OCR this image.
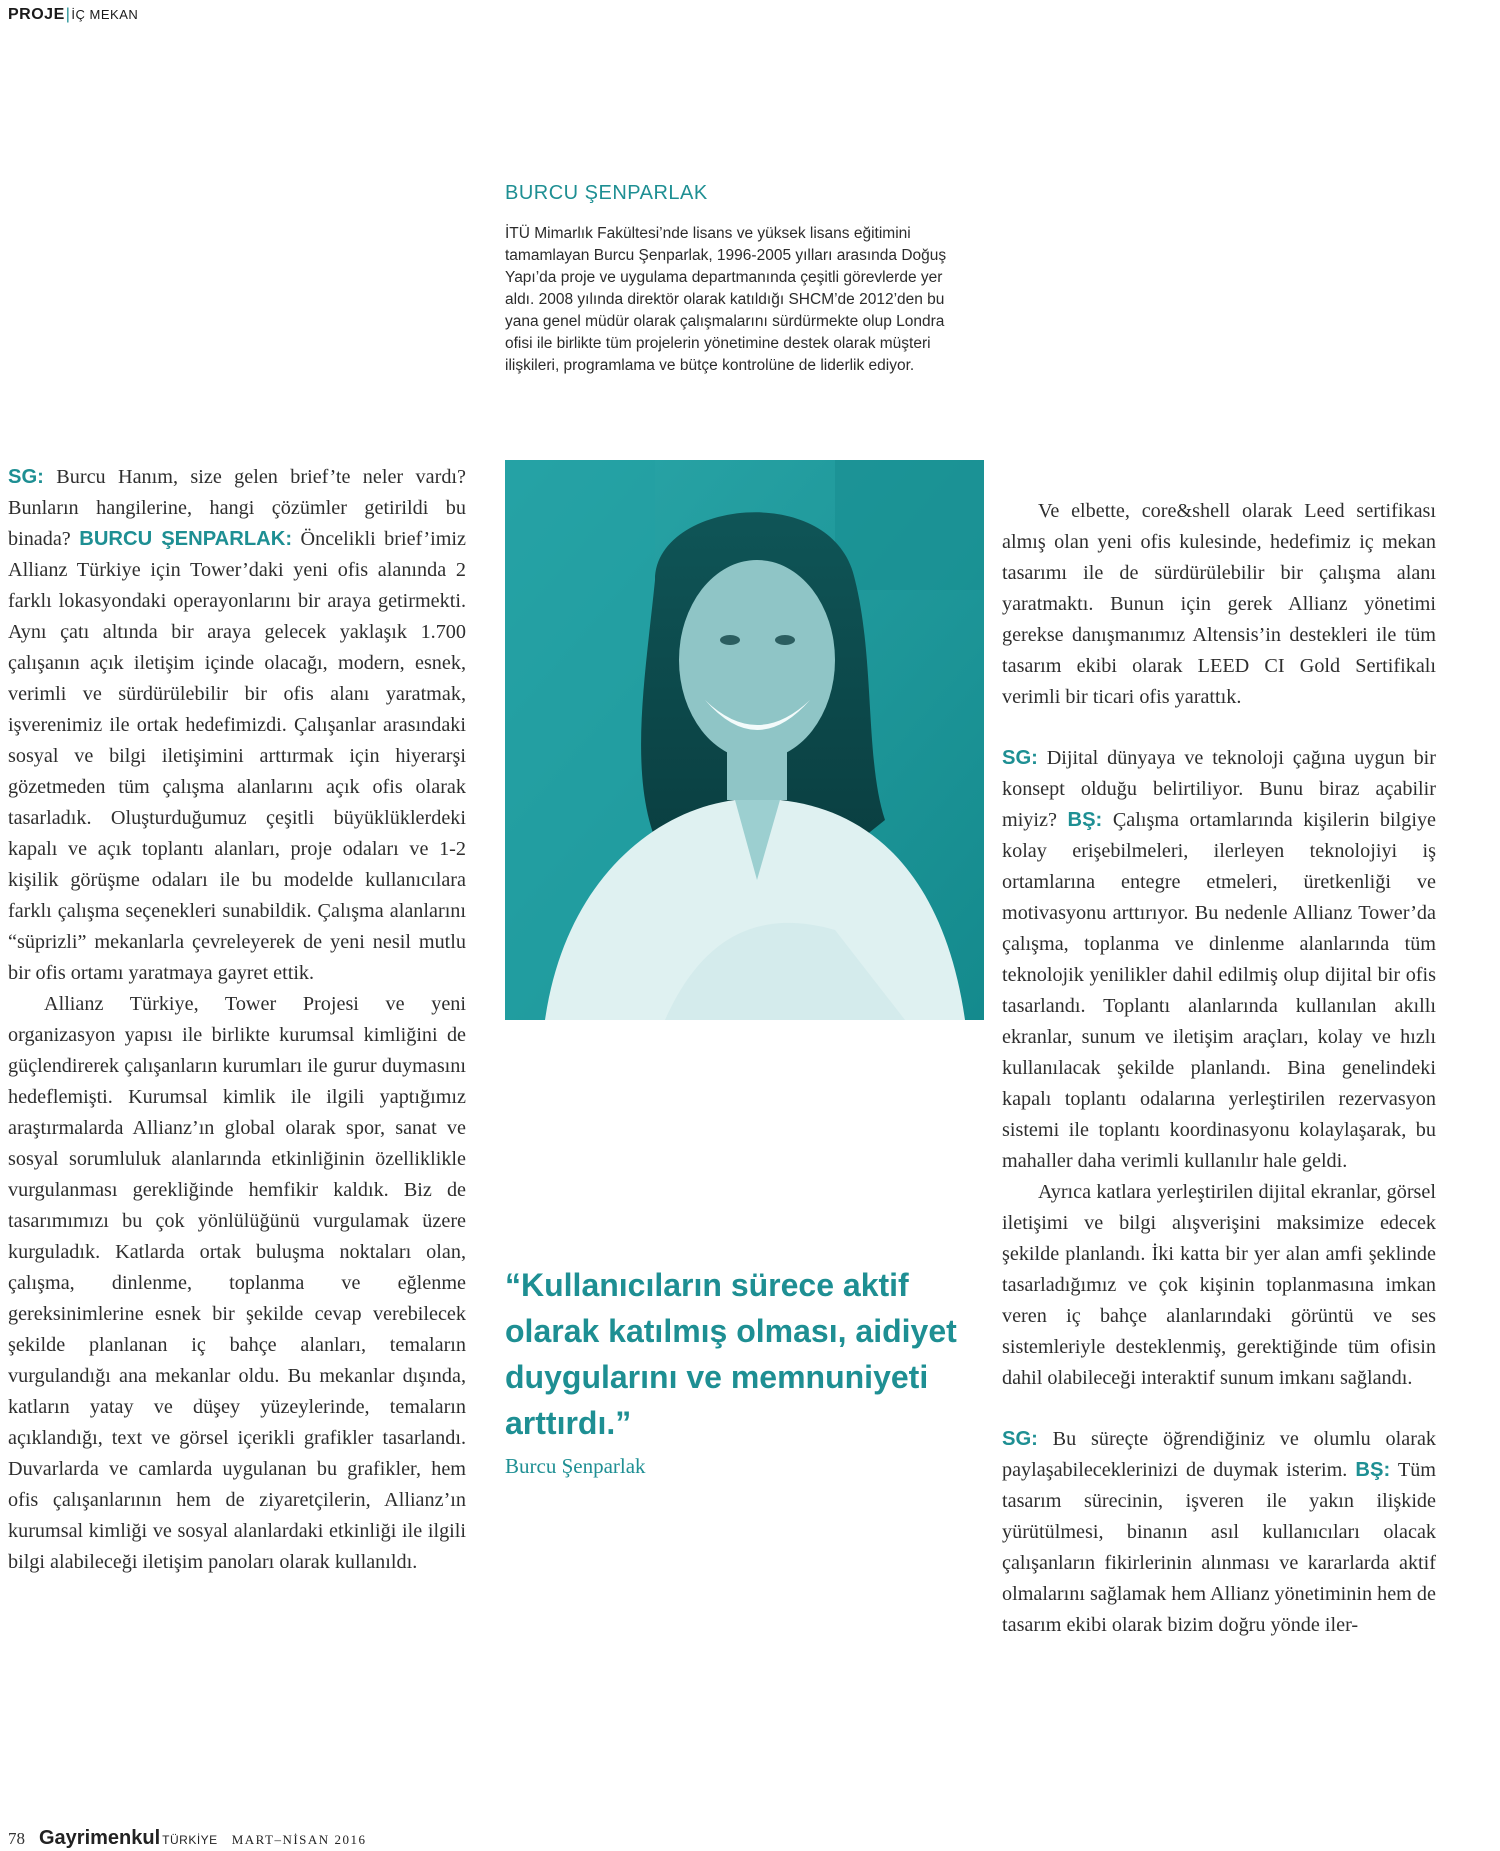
PROJE|İÇ MEKAN
BURCU ŞENPARLAK
İTÜ Mimarlık Fakültesi’nde lisans ve yüksek lisans eğitimini tamamlayan Burcu Şenparlak, 1996-2005 yılları arasında Doğuş Yapı’da proje ve uygulama departmanında çeşitli görevlerde yer aldı. 2008 yılında direktör olarak katıldığı SHCM’de 2012’den bu yana genel müdür olarak çalışmalarını sürdürmekte olup Londra ofisi ile birlikte tüm projelerin yönetimine destek olarak müşteri ilişkileri, programlama ve bütçe kontrolüne de liderlik ediyor.

SG: Burcu Hanım, size gelen brief’te neler vardı? Bunların hangilerine, hangi çözümler getirildi bu binada? BURCU ŞENPARLAK: Öncelikli brief’imiz Allianz Türkiye için Tower’daki yeni ofis alanında 2 farklı lokasyondaki operayonlarını bir araya getirmekti. Aynı çatı altında bir araya gelecek yaklaşık 1.700 çalışanın açık iletişim içinde olacağı, modern, esnek, verimli ve sürdürülebilir bir ofis alanı yaratmak, işverenimiz ile ortak hedefimizdi. Çalışanlar arasındaki sosyal ve bilgi iletişimini arttırmak için hiyerarşi gözetmeden tüm çalışma alanlarını açık ofis olarak tasarladık. Oluşturduğumuz çeşitli büyüklüklerdeki kapalı ve açık toplantı alanları, proje odaları ve 1-2 kişilik görüşme odaları ile bu modelde kullanıcılara farklı çalışma seçenekleri sunabildik. Çalışma alanlarını “süprizli” mekanlarla çevreleyerek de yeni nesil mutlu bir ofis ortamı yaratmaya gayret ettik.

Allianz Türkiye, Tower Projesi ve yeni organizasyon yapısı ile birlikte kurumsal kimliğini de güçlendirerek çalışanların kurumları ile gurur duymasını hedeflemişti. Kurumsal kimlik ile ilgili yaptığımız araştırmalarda Allianz’ın global olarak spor, sanat ve sosyal sorumluluk alanlarında etkinliğinin özelliklikle vurgulanması gerekliğinde hemfikir kaldık. Biz de tasarımımızı bu çok yönlülüğünü vurgulamak üzere kurguladık. Katlarda ortak buluşma noktaları olan, çalışma, dinlenme, toplanma ve eğlenme gereksinimlerine esnek bir şekilde cevap verebilecek şekilde planlanan iç bahçe alanları, temaların vurgulandığı ana mekanlar oldu. Bu mekanlar dışında, katların yatay ve düşey yüzeylerinde, temaların açıklandığı, text ve görsel içerikli grafikler tasarlandı. Duvarlarda ve camlarda uygulanan bu grafikler, hem ofis çalışanlarının hem de ziyaretçilerin, Allianz’ın kurumsal kimliği ve sosyal alanlardaki etkinliği ile ilgili bilgi alabileceği iletişim panoları olarak kullanıldı.

“Kullanıcıların sürece aktif olarak katılmış olması, aidiyet duygularını ve memnuniyeti arttırdı.”
Burcu Şenparlak

Ve elbette, core&shell olarak Leed sertifikası almış olan yeni ofis kulesinde, hedefimiz iç mekan tasarımı ile de sürdürülebilir bir çalışma alanı yaratmaktı. Bunun için gerek Allianz yönetimi gerekse danışmanımız Altensis’in destekleri ile tüm tasarım ekibi olarak LEED CI Gold Sertifikalı verimli bir ticari ofis yarattık.

SG: Dijital dünyaya ve teknoloji çağına uygun bir konsept olduğu belirtiliyor. Bunu biraz açabilir miyiz? BŞ: Çalışma ortamlarında kişilerin bilgiye kolay erişebilmeleri, ilerleyen teknolojiyi iş ortamlarına entegre etmeleri, üretkenliği ve motivasyonu arttırıyor. Bu nedenle Allianz Tower’da çalışma, toplanma ve dinlenme alanlarında tüm teknolojik yenilikler dahil edilmiş olup dijital bir ofis tasarlandı. Toplantı alanlarında kullanılan akıllı ekranlar, sunum ve iletişim araçları, kolay ve hızlı kullanılacak şekilde planlandı. Bina genelindeki kapalı toplantı odalarına yerleştirilen rezervasyon sistemi ile toplantı koordinasyonu kolaylaşarak, bu mahaller daha verimli kullanılır hale geldi.

Ayrıca katlara yerleştirilen dijital ekranlar, görsel iletişimi ve bilgi alışverişini maksimize edecek şekilde planlandı. İki katta bir yer alan amfi şeklinde tasarladığımız ve çok kişinin toplanmasına imkan veren iç bahçe alanlarındaki görüntü ve ses sistemleriyle desteklenmiş, gerektiğinde tüm ofisin dahil olabileceği interaktif sunum imkanı sağlandı.

SG: Bu süreçte öğrendiğiniz ve olumlu olarak paylaşabileceklerinizi de duymak isterim. BŞ: Tüm tasarım sürecinin, işveren ile yakın ilişkide yürütülmesi, binanın asıl kullanıcıları olacak çalışanların fikirlerinin alınması ve kararlarda aktif olmalarını sağlamak hem Allianz yönetiminin hem de tasarım ekibi olarak bizim doğru yönde iler-

78 Gayrimenkul TÜRKİYE MART–NİSAN 2016
